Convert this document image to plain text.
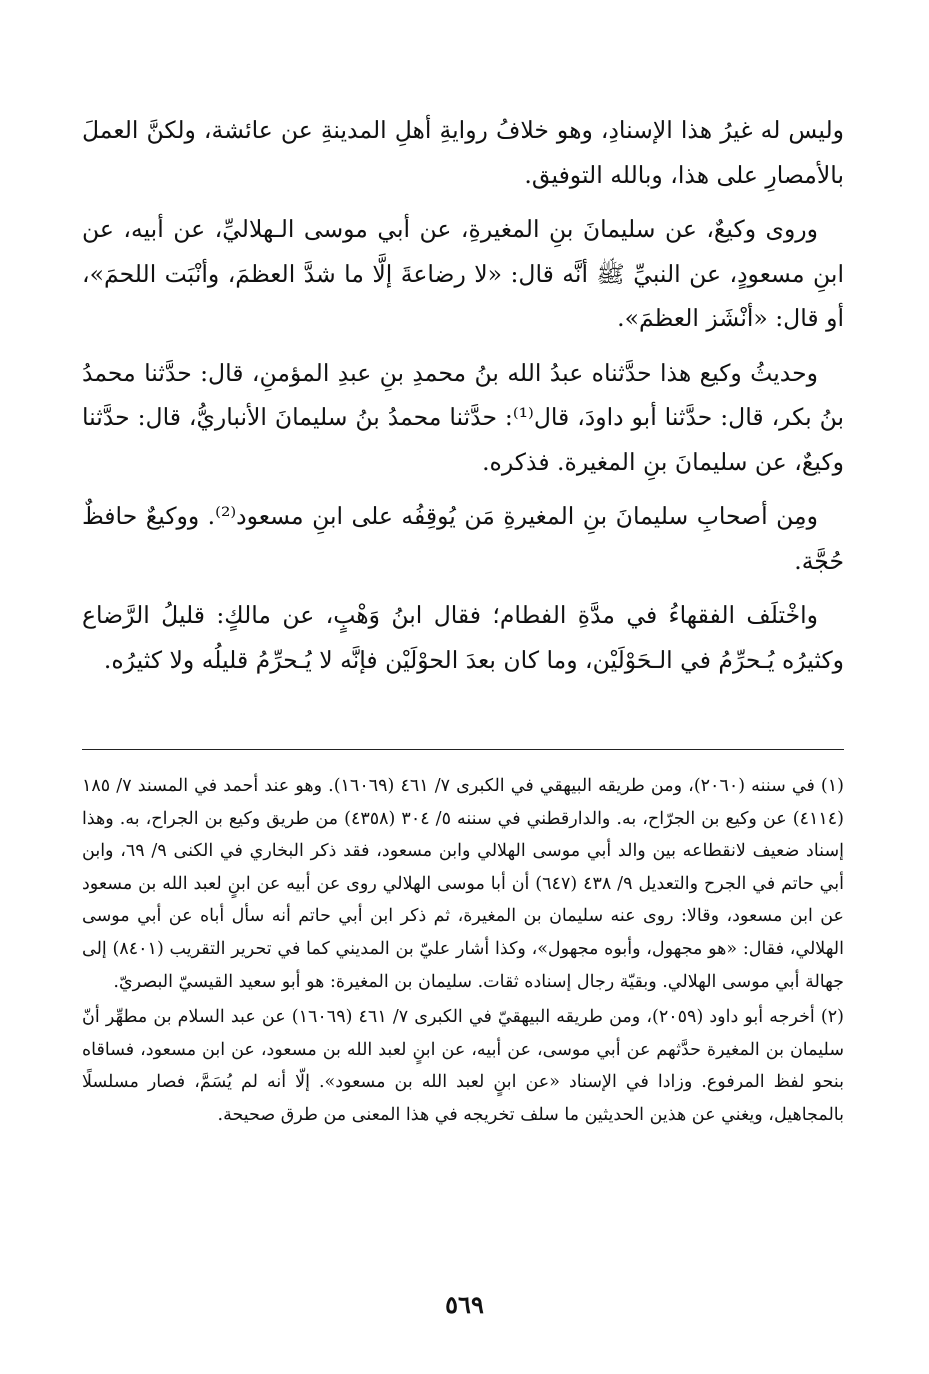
وليس له غيرُ هذا الإسنادِ، وهو خلافُ روايةِ أهلِ المدينةِ عن عائشة، ولكنَّ العملَ بالأمصارِ على هذا، وبالله التوفيق.

وروى وكيعٌ، عن سليمانَ بنِ المغيرةِ، عن أبي موسى الـهلاليِّ، عن أبيه، عن ابنِ مسعودٍ، عن النبيِّ ﷺ أنَّه قال: «لا رضاعةَ إلَّا ما شدَّ العظمَ، وأنْبَت اللحمَ»، أو قال: «أنْشَز العظمَ».

وحديثُ وكيع هذا حدَّثناه عبدُ الله بنُ محمدِ بنِ عبدِ المؤمنِ، قال: حدَّثنا محمدُ بنُ بكر، قال: حدَّثنا أبو داودَ، قال⁽¹⁾: حدَّثنا محمدُ بنُ سليمانَ الأنباريُّ، قال: حدَّثنا وكيعٌ، عن سليمانَ بنِ المغيرة. فذكره.

ومِن أصحابِ سليمانَ بنِ المغيرةِ مَن يُوقِفُه على ابنِ مسعود⁽²⁾. ووكيعٌ حافظٌ حُجَّة.

واخْتلَف الفقهاءُ في مدَّةِ الفطام؛ فقال ابنُ وَهْبٍ، عن مالكٍ: قليلُ الرَّضاع وكثيرُه يُـحرِّمُ في الـحَوْلَيْن، وما كان بعدَ الحوْلَيْن فإنَّه لا يُـحرِّمُ قليلُه ولا كثيرُه.

(١) في سننه (٢٠٦٠)، ومن طريقه البيهقي في الكبرى ٧/ ٤٦١ (١٦٠٦٩). وهو عند أحمد في المسند ٧/ ١٨٥ (٤١١٤) عن وكيع بن الجرّاح، به. والدارقطني في سننه ٥/ ٣٠٤ (٤٣٥٨) من طريق وكيع بن الجراح، به. وهذا إسناد ضعيف لانقطاعه بين والد أبي موسى الهلالي وابن مسعود، فقد ذكر البخاري في الكنى ٩/ ٦٩، وابن أبي حاتم في الجرح والتعديل ٩/ ٤٣٨ (٦٤٧) أن أبا موسى الهلالي روى عن أبيه عن ابنٍ لعبد الله بن مسعود عن ابن مسعود، وقالا: روى عنه سليمان بن المغيرة، ثم ذكر ابن أبي حاتم أنه سأل أباه عن أبي موسى الهلالي، فقال: «هو مجهول، وأبوه مجهول»، وكذا أشار عليّ بن المديني كما في تحرير التقريب (٨٤٠١) إلى جهالة أبي موسى الهلالي. وبقيّة رجال إسناده ثقات. سليمان بن المغيرة: هو أبو سعيد القيسيّ البصريّ.

(٢) أخرجه أبو داود (٢٠٥٩)، ومن طريقه البيهقيّ في الكبرى ٧/ ٤٦١ (١٦٠٦٩) عن عبد السلام بن مطهِّر أنّ سليمان بن المغيرة حدَّثهم عن أبي موسى، عن أبيه، عن ابنٍ لعبد الله بن مسعود، عن ابن مسعود، فساقاه بنحو لفظ المرفوع. وزادا في الإسناد «عن ابنٍ لعبد الله بن مسعود». إلّا أنه لم يُسَمَّ، فصار مسلسلًا بالمجاهيل، ويغني عن هذين الحديثين ما سلف تخريجه في هذا المعنى من طرق صحيحة.

٥٦٩
